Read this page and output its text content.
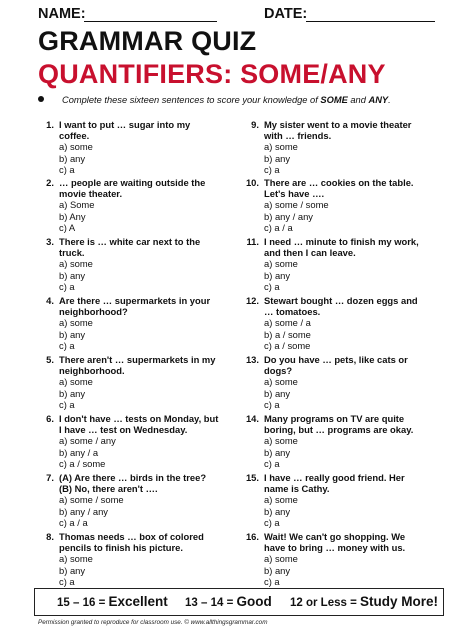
NAME:	DATE:
GRAMMAR QUIZ
QUANTIFIERS: SOME/ANY
Complete these sixteen sentences to score your knowledge of SOME and ANY.
1. I want to put … sugar into my
coffee.
a) some
b) any
c) a
2. … people are waiting outside the
movie theater.
a) Some
b) Any
c) A
3. There is … white car next to the
truck.
a) some
b) any
c) a
4. Are there … supermarkets in your
neighborhood?
a) some
b) any
c) a
5. There aren't … supermarkets in my
neighborhood.
a) some
b) any
c) a
6. I don't have … tests on Monday, but
I have … test on Wednesday.
a) some / any
b) any / a
c) a / some
7. (A) Are there … birds in the tree?
(B) No, there aren't ….
a) some / some
b) any / any
c) a / a
8. Thomas needs … box of colored
pencils to finish his picture.
a) some
b) any
c) a
9. My sister went to a movie theater
with … friends.
a) some
b) any
c) a
10. There are … cookies on the table.
Let's have ….
a) some / some
b) any / any
c) a / a
11. I need … minute to finish my work,
and then I can leave.
a) some
b) any
c) a
12. Stewart bought … dozen eggs and
… tomatoes.
a) some / a
b) a / some
c) a / some
13. Do you have … pets, like cats or
dogs?
a) some
b) any
c) a
14. Many programs on TV are quite
boring, but … programs are okay.
a) some
b) any
c) a
15. I have … really good friend. Her
name is Cathy.
a) some
b) any
c) a
16. Wait! We can't go shopping. We
have to bring … money with us.
a) some
b) any
c) a
15 – 16 = Excellent 13 – 14 = Good 12 or Less = Study More!
Permission granted to reproduce for classroom use. © www.allthingsgrammar.com
